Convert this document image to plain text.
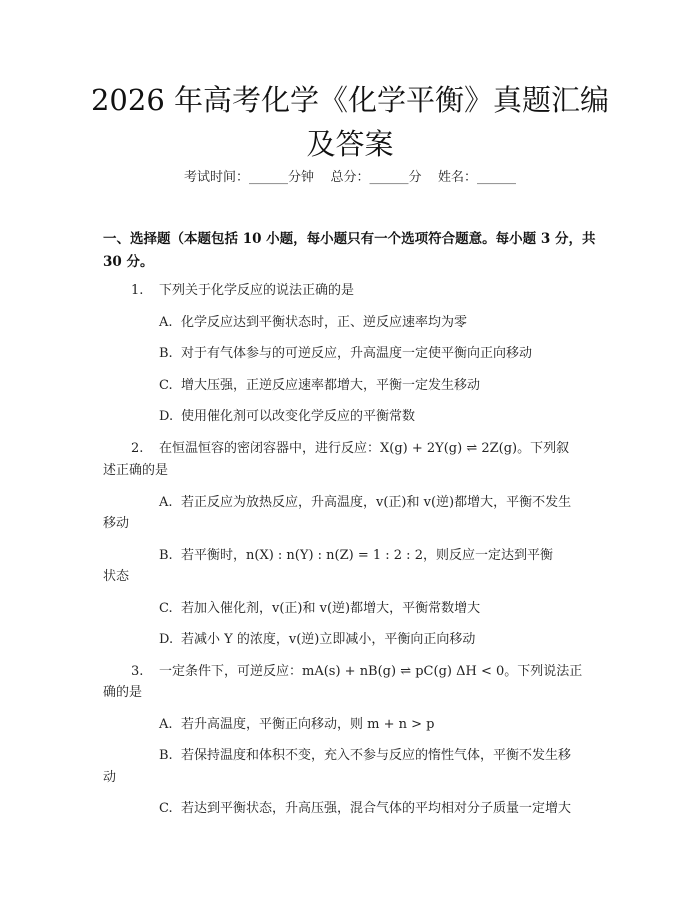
2026 年高考化学《化学平衡》真题汇编及答案
考试时间：______分钟    总分：______分    姓名：______
一、选择题（本题包括 10 小题，每小题只有一个选项符合题意。每小题 3 分，共 30 分。
1. 下列关于化学反应的说法正确的是
A. 化学反应达到平衡状态时，正、逆反应速率均为零
B. 对于有气体参与的可逆反应，升高温度一定使平衡向正向移动
C. 增大压强，正逆反应速率都增大，平衡一定发生移动
D. 使用催化剂可以改变化学反应的平衡常数
2. 在恒温恒容的密闭容器中，进行反应：X(g) + 2Y(g) ⇌ 2Z(g)。下列叙
述正确的是
A. 若正反应为放热反应，升高温度，v(正)和 v(逆)都增大，平衡不发生
移动
B. 若平衡时，n(X) : n(Y) : n(Z) = 1 : 2 : 2，则反应一定达到平衡
状态
C. 若加入催化剂，v(正)和 v(逆)都增大，平衡常数增大
D. 若减小 Y 的浓度，v(逆)立即减小，平衡向正向移动
3. 一定条件下，可逆反应：mA(s) + nB(g) ⇌ pC(g) ΔH < 0。下列说法正
确的是
A. 若升高温度，平衡正向移动，则 m + n > p
B. 若保持温度和体积不变，充入不参与反应的惰性气体，平衡不发生移
动
C. 若达到平衡状态，升高压强，混合气体的平均相对分子质量一定增大
